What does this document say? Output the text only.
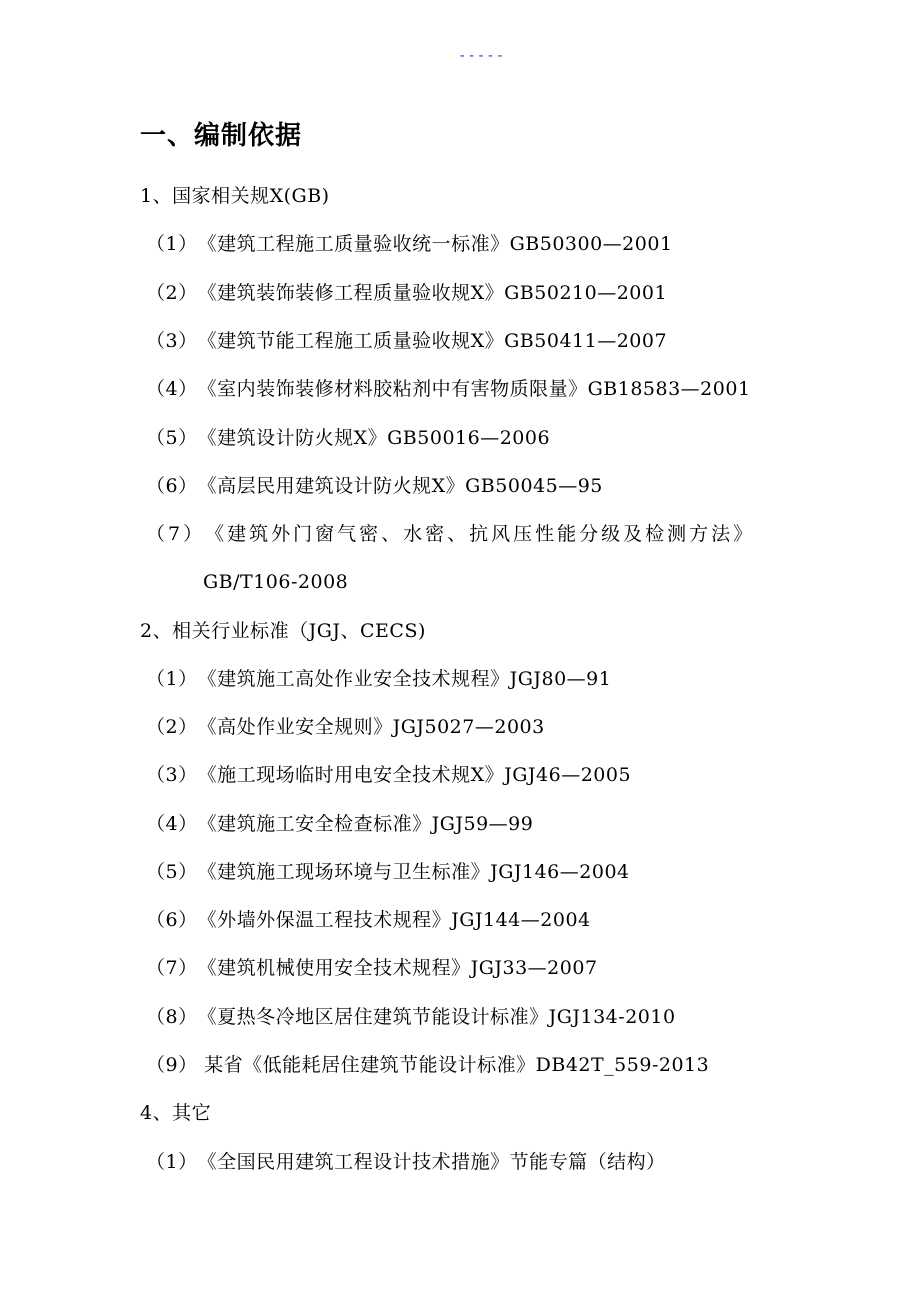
-----
一、编制依据
1、国家相关规X(GB)
（1）《建筑工程施工质量验收统一标准》GB50300—2001
（2）《建筑装饰装修工程质量验收规X》GB50210—2001
（3）《建筑节能工程施工质量验收规X》GB50411—2007
（4）《室内装饰装修材料胶粘剂中有害物质限量》GB18583—2001
（5）《建筑设计防火规X》GB50016—2006
（6）《高层民用建筑设计防火规X》GB50045—95
（7）《建筑外门窗气密、水密、抗风压性能分级及检测方法》
GB/T106-2008
2、相关行业标准（JGJ、CECS)
（1）《建筑施工高处作业安全技术规程》JGJ80—91
（2）《高处作业安全规则》JGJ5027—2003
（3）《施工现场临时用电安全技术规X》JGJ46—2005
（4）《建筑施工安全检查标准》JGJ59—99
（5）《建筑施工现场环境与卫生标准》JGJ146—2004
（6）《外墙外保温工程技术规程》JGJ144—2004
（7）《建筑机械使用安全技术规程》JGJ33—2007
（8）《夏热冬冷地区居住建筑节能设计标准》JGJ134-2010
（9） 某省《低能耗居住建筑节能设计标准》DB42T_559-2013
4、其它
（1）《全国民用建筑工程设计技术措施》节能专篇（结构）
